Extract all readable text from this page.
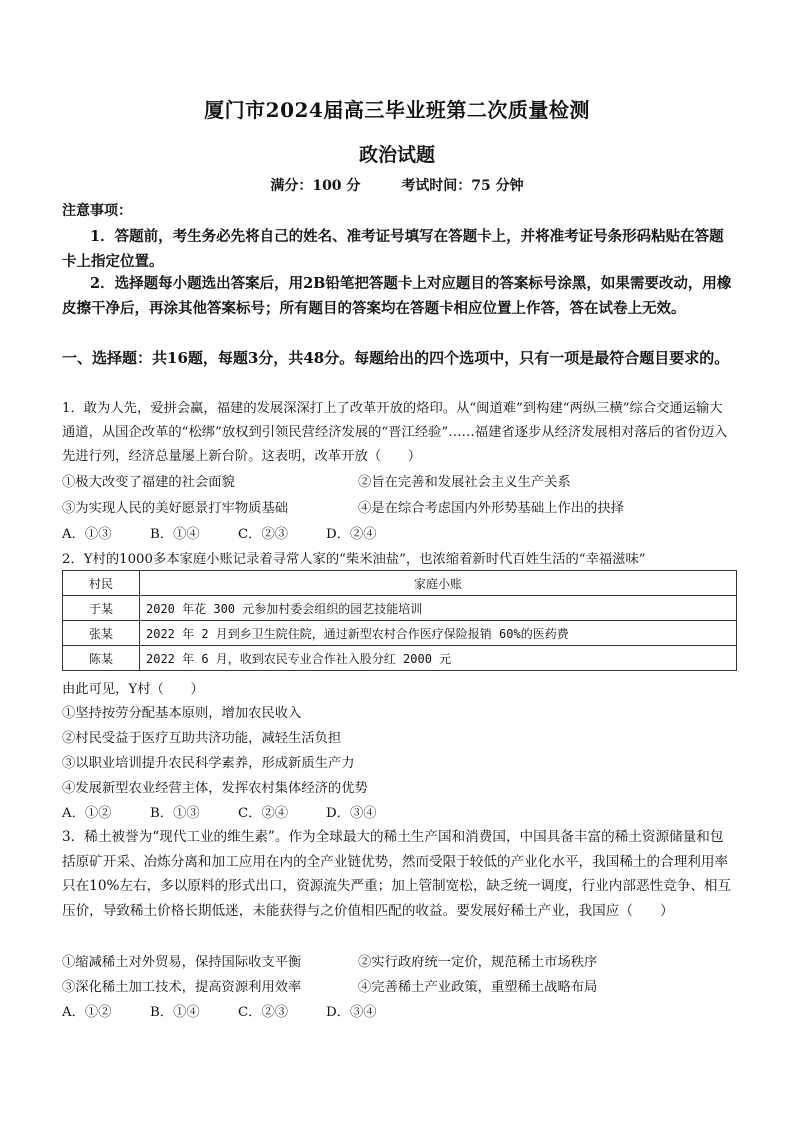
厦门市2024届高三毕业班第二次质量检测
政治试题
满分：100 分	考试时间：75 分钟
注意事项：
1．答题前，考生务必先将自己的姓名、准考证号填写在答题卡上，并将准考证号条形码粘贴在答题卡上指定位置。
2．选择题每小题选出答案后，用2B铅笔把答题卡上对应题目的答案标号涂黑，如果需要改动，用橡皮擦干净后，再涂其他答案标号；所有题目的答案均在答题卡相应位置上作答，答在试卷上无效。
一、选择题：共16题，每题3分，共48分。每题给出的四个选项中，只有一项是最符合题目要求的。
1．敢为人先，爱拼会赢，福建的发展深深打上了改革开放的烙印。从“闽道难”到构建“两纵三横”综合交通运输大通道，从国企改革的“松绑”放权到引领民营经济发展的“晋江经验”……福建省逐步从经济发展相对落后的省份迈入先进行列，经济总量屡上新台阶。这表明，改革开放（　　）
①极大改变了福建的社会面貌	②旨在完善和发展社会主义生产关系
③为实现人民的美好愿景打牢物质基础	④是在综合考虑国内外形势基础上作出的抉择
A．①③	B．①④	C．②③	D．②④
2．Y村的1000多本家庭小账记录着寻常人家的“柴米油盐”，也浓缩着新时代百姓生活的“幸福滋味”
村民	家庭小账
于某	2020 年花 300 元参加村委会组织的园艺技能培训
张某	2022 年 2 月到乡卫生院住院，通过新型农村合作医疗保险报销 60%的医药费
陈某	2022 年 6 月，收到农民专业合作社入股分红 2000 元
由此可见，Y村（　　）
①坚持按劳分配基本原则，增加农民收入
②村民受益于医疗互助共济功能，减轻生活负担
③以职业培训提升农民科学素养，形成新质生产力
④发展新型农业经营主体，发挥农村集体经济的优势
A．①②	B．①③	C．②④	D．③④
3．稀土被誉为“现代工业的维生素”。作为全球最大的稀土生产国和消费国，中国具备丰富的稀土资源储量和包括原矿开采、冶炼分离和加工应用在内的全产业链优势，然而受限于较低的产业化水平，我国稀土的合理利用率只在10%左右，多以原料的形式出口，资源流失严重；加上管制宽松，缺乏统一调度，行业内部恶性竞争、相互压价，导致稀土价格长期低迷，未能获得与之价值相匹配的收益。要发展好稀土产业，我国应（　　）
①缩减稀土对外贸易，保持国际收支平衡	②实行政府统一定价，规范稀土市场秩序
③深化稀土加工技术，提高资源利用效率	④完善稀土产业政策，重塑稀土战略布局
A．①②	B．①④	C．②③	D．③④
